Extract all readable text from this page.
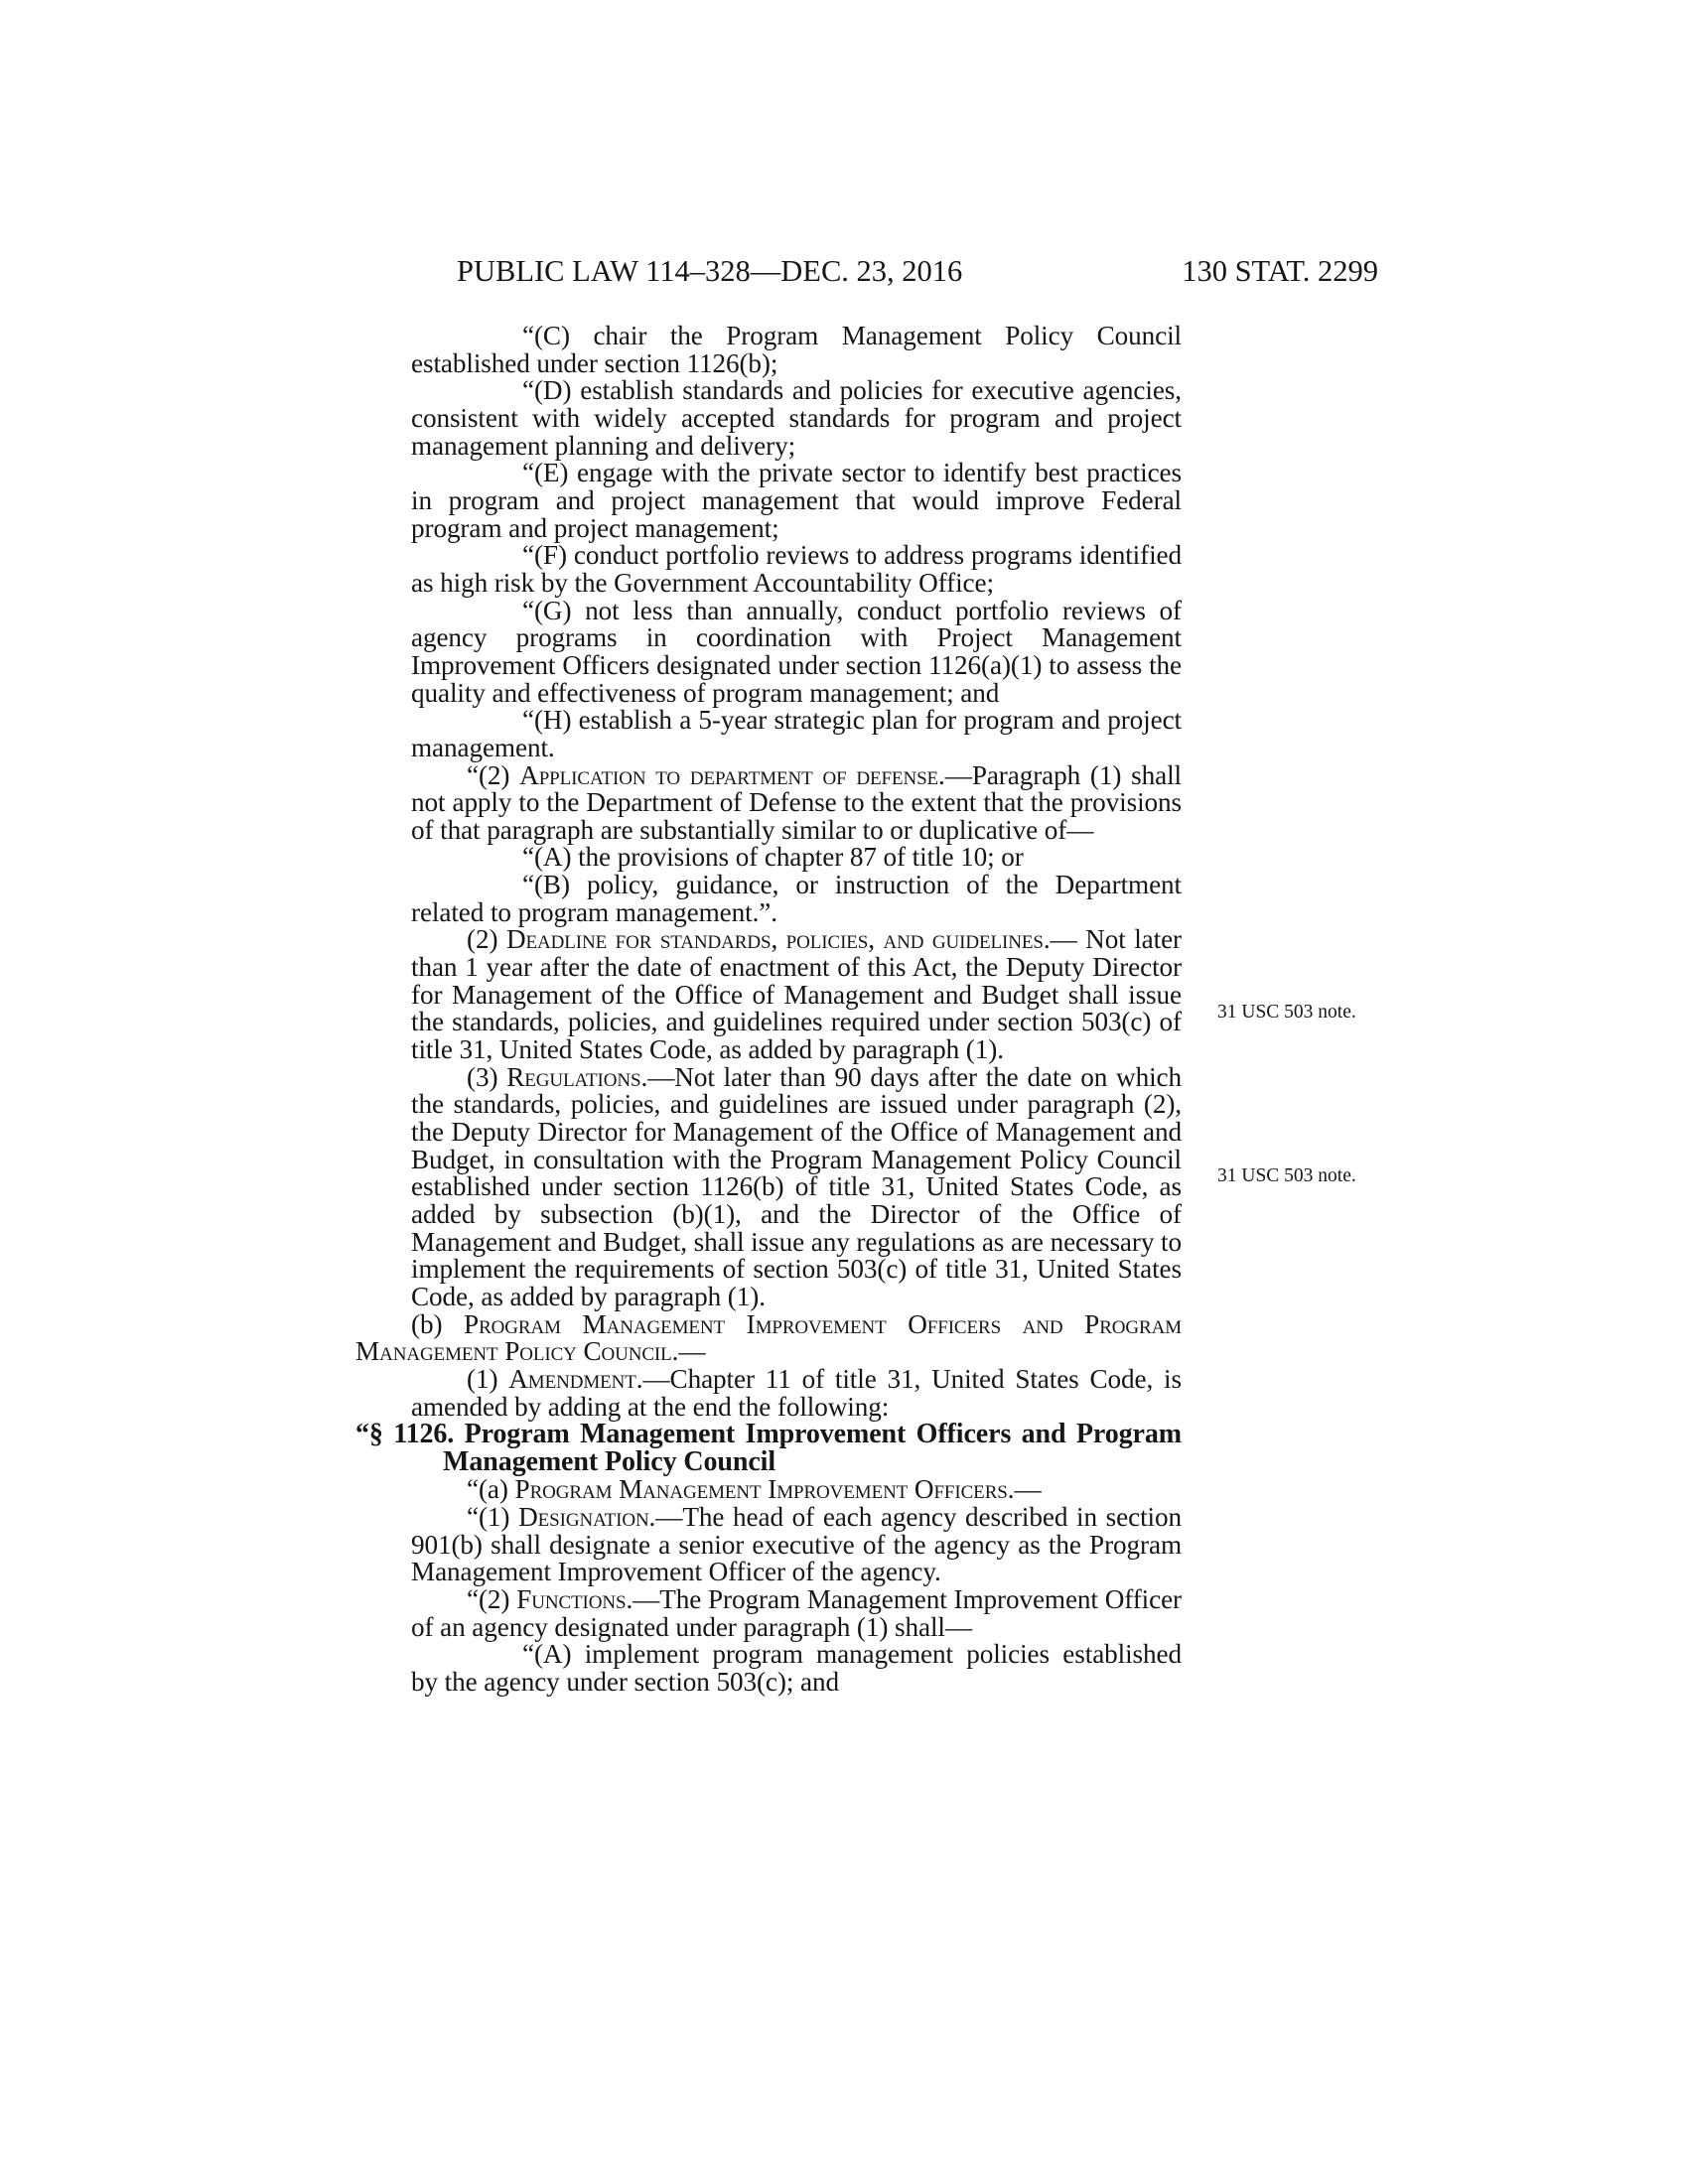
PUBLIC LAW 114–328—DEC. 23, 2016	130 STAT. 2299
31 USC 503 note.
31 USC 503 note.

“(C) chair the Program Management Policy Council established under section 1126(b);

“(D) establish standards and policies for executive agencies, consistent with widely accepted standards for program and project management planning and delivery;

“(E) engage with the private sector to identify best practices in program and project management that would improve Federal program and project management;

“(F) conduct portfolio reviews to address programs identified as high risk by the Government Accountability Office;

“(G) not less than annually, conduct portfolio reviews of agency programs in coordination with Project Management Improvement Officers designated under section 1126(a)(1) to assess the quality and effectiveness of program management; and

“(H) establish a 5-year strategic plan for program and project management.

“(2) Application to department of defense.—Paragraph (1) shall not apply to the Department of Defense to the extent that the provisions of that paragraph are substantially similar to or duplicative of—

“(A) the provisions of chapter 87 of title 10; or

“(B) policy, guidance, or instruction of the Department related to program management.”.

(2) Deadline for standards, policies, and guidelines.— Not later than 1 year after the date of enactment of this Act, the Deputy Director for Management of the Office of Management and Budget shall issue the standards, policies, and guidelines required under section 503(c) of title 31, United States Code, as added by paragraph (1).

(3) Regulations.—Not later than 90 days after the date on which the standards, policies, and guidelines are issued under paragraph (2), the Deputy Director for Management of the Office of Management and Budget, in consultation with the Program Management Policy Council established under section 1126(b) of title 31, United States Code, as added by subsection (b)(1), and the Director of the Office of Management and Budget, shall issue any regulations as are necessary to implement the requirements of section 503(c) of title 31, United States Code, as added by paragraph (1).

(b) Program Management Improvement Officers and Program Management Policy Council.—

(1) Amendment.—Chapter 11 of title 31, United States Code, is amended by adding at the end the following:

“§ 1126. Program Management Improvement Officers and Program Management Policy Council

“(a) Program Management Improvement Officers.—

“(1) Designation.—The head of each agency described in section 901(b) shall designate a senior executive of the agency as the Program Management Improvement Officer of the agency.

“(2) Functions.—The Program Management Improvement Officer of an agency designated under paragraph (1) shall—

“(A) implement program management policies established by the agency under section 503(c); and
